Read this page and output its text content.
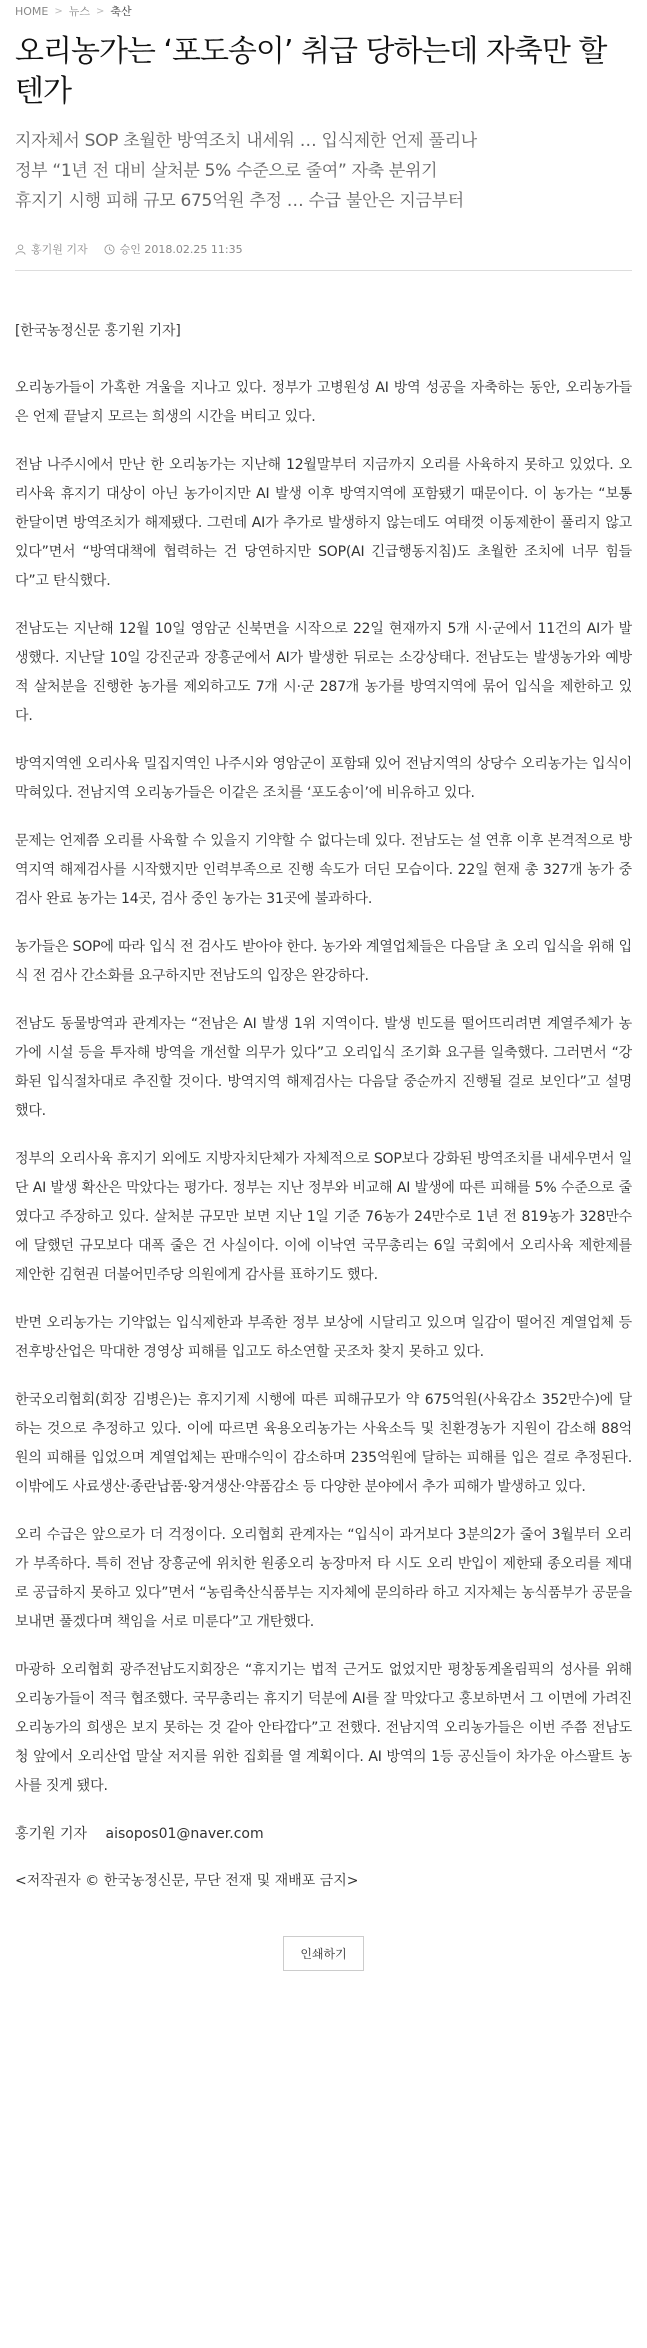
HOME > 뉴스 > 축산
오리농가는 ‘포도송이’ 취급 당하는데 자축만 할텐가
지자체서 SOP 초월한 방역조치 내세워 … 입식제한 언제 풀리나
정부 “1년 전 대비 살처분 5% 수준으로 줄여” 자축 분위기
휴지기 시행 피해 규모 675억원 추정 … 수급 불안은 지금부터
홍기원 기자	승인 2018.02.25 11:35

[한국농정신문 홍기원 기자]

오리농가들이 가혹한 겨울을 지나고 있다. 정부가 고병원성 AI 방역 성공을 자축하는 동안, 오리농가들은 언제 끝날지 모르는 희생의 시간을 버티고 있다.

전남 나주시에서 만난 한 오리농가는 지난해 12월말부터 지금까지 오리를 사육하지 못하고 있었다. 오리사육 휴지기 대상이 아닌 농가이지만 AI 발생 이후 방역지역에 포함됐기 때문이다. 이 농가는 “보통 한달이면 방역조치가 해제됐다. 그런데 AI가 추가로 발생하지 않는데도 여태껏 이동제한이 풀리지 않고 있다”면서 “방역대책에 협력하는 건 당연하지만 SOP(AI 긴급행동지침)도 초월한 조치에 너무 힘들다”고 탄식했다.

전남도는 지난해 12월 10일 영암군 신북면을 시작으로 22일 현재까지 5개 시·군에서 11건의 AI가 발생했다. 지난달 10일 강진군과 장흥군에서 AI가 발생한 뒤로는 소강상태다. 전남도는 발생농가와 예방적 살처분을 진행한 농가를 제외하고도 7개 시·군 287개 농가를 방역지역에 묶어 입식을 제한하고 있다.

방역지역엔 오리사육 밀집지역인 나주시와 영암군이 포함돼 있어 전남지역의 상당수 오리농가는 입식이 막혀있다. 전남지역 오리농가들은 이같은 조치를 ‘포도송이’에 비유하고 있다.

문제는 언제쯤 오리를 사육할 수 있을지 기약할 수 없다는데 있다. 전남도는 설 연휴 이후 본격적으로 방역지역 해제검사를 시작했지만 인력부족으로 진행 속도가 더딘 모습이다. 22일 현재 총 327개 농가 중 검사 완료 농가는 14곳, 검사 중인 농가는 31곳에 불과하다.

농가들은 SOP에 따라 입식 전 검사도 받아야 한다. 농가와 계열업체들은 다음달 초 오리 입식을 위해 입식 전 검사 간소화를 요구하지만 전남도의 입장은 완강하다.

전남도 동물방역과 관계자는 “전남은 AI 발생 1위 지역이다. 발생 빈도를 떨어뜨리려면 계열주체가 농가에 시설 등을 투자해 방역을 개선할 의무가 있다”고 오리입식 조기화 요구를 일축했다. 그러면서 “강화된 입식절차대로 추진할 것이다. 방역지역 해제검사는 다음달 중순까지 진행될 걸로 보인다”고 설명했다.

정부의 오리사육 휴지기 외에도 지방자치단체가 자체적으로 SOP보다 강화된 방역조치를 내세우면서 일단 AI 발생 확산은 막았다는 평가다. 정부는 지난 정부와 비교해 AI 발생에 따른 피해를 5% 수준으로 줄였다고 주장하고 있다. 살처분 규모만 보면 지난 1일 기준 76농가 24만수로 1년 전 819농가 328만수에 달했던 규모보다 대폭 줄은 건 사실이다. 이에 이낙연 국무총리는 6일 국회에서 오리사육 제한제를 제안한 김현권 더불어민주당 의원에게 감사를 표하기도 했다.

반면 오리농가는 기약없는 입식제한과 부족한 정부 보상에 시달리고 있으며 일감이 떨어진 계열업체 등 전후방산업은 막대한 경영상 피해를 입고도 하소연할 곳조차 찾지 못하고 있다.

한국오리협회(회장 김병은)는 휴지기제 시행에 따른 피해규모가 약 675억원(사육감소 352만수)에 달하는 것으로 추정하고 있다. 이에 따르면 육용오리농가는 사육소득 및 친환경농가 지원이 감소해 88억원의 피해를 입었으며 계열업체는 판매수익이 감소하며 235억원에 달하는 피해를 입은 걸로 추정된다. 이밖에도 사료생산·종란납품·왕겨생산·약품감소 등 다양한 분야에서 추가 피해가 발생하고 있다.

오리 수급은 앞으로가 더 걱정이다. 오리협회 관계자는 “입식이 과거보다 3분의2가 줄어 3월부터 오리가 부족하다. 특히 전남 장흥군에 위치한 원종오리 농장마저 타 시도 오리 반입이 제한돼 종오리를 제대로 공급하지 못하고 있다”면서 “농림축산식품부는 지자체에 문의하라 하고 지자체는 농식품부가 공문을 보내면 풀겠다며 책임을 서로 미룬다”고 개탄했다.

마광하 오리협회 광주전남도지회장은 “휴지기는 법적 근거도 없었지만 평창동계올림픽의 성사를 위해 오리농가들이 적극 협조했다. 국무총리는 휴지기 덕분에 AI를 잘 막았다고 홍보하면서 그 이면에 가려진 오리농가의 희생은 보지 못하는 것 같아 안타깝다”고 전했다. 전남지역 오리농가들은 이번 주쯤 전남도청 앞에서 오리산업 말살 저지를 위한 집회를 열 계획이다. AI 방역의 1등 공신들이 차가운 아스팔트 농사를 짓게 됐다.

홍기원 기자 aisopos01@naver.com

<저작권자 © 한국농정신문, 무단 전재 및 재배포 금지>

인쇄하기
